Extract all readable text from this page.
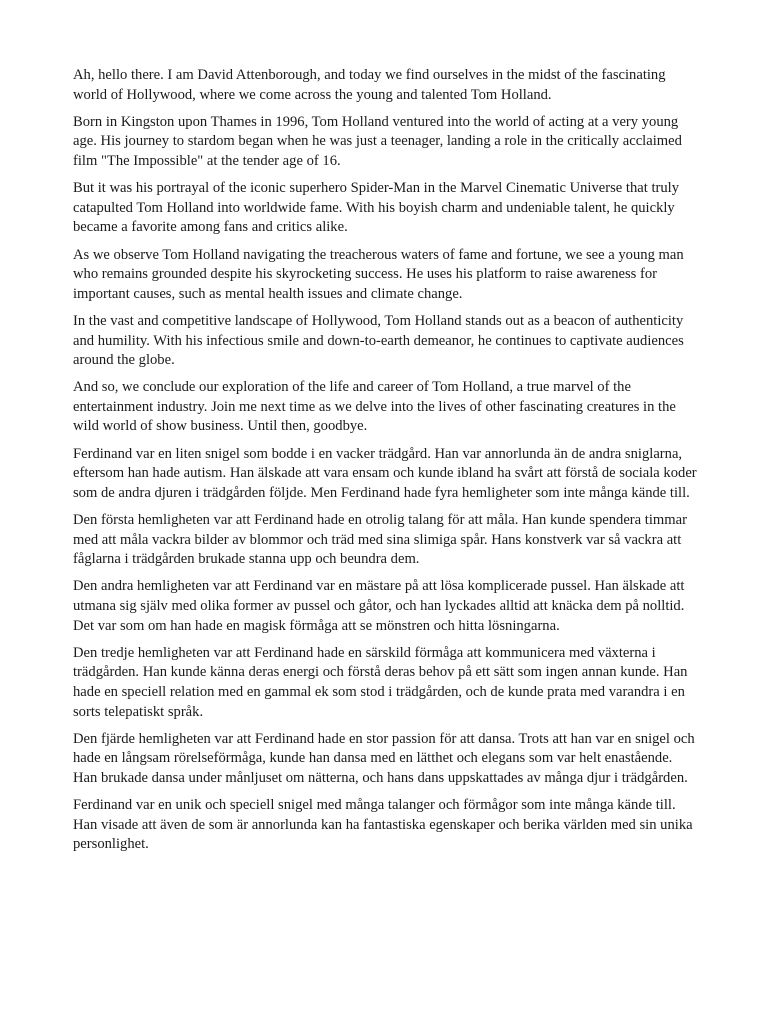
Ah, hello there. I am David Attenborough, and today we find ourselves in the midst of the fascinating world of Hollywood, where we come across the young and talented Tom Holland.

Born in Kingston upon Thames in 1996, Tom Holland ventured into the world of acting at a very young age. His journey to stardom began when he was just a teenager, landing a role in the critically acclaimed film "The Impossible" at the tender age of 16.

But it was his portrayal of the iconic superhero Spider-Man in the Marvel Cinematic Universe that truly catapulted Tom Holland into worldwide fame. With his boyish charm and undeniable talent, he quickly became a favorite among fans and critics alike.

As we observe Tom Holland navigating the treacherous waters of fame and fortune, we see a young man who remains grounded despite his skyrocketing success. He uses his platform to raise awareness for important causes, such as mental health issues and climate change.

In the vast and competitive landscape of Hollywood, Tom Holland stands out as a beacon of authenticity and humility. With his infectious smile and down-to-earth demeanor, he continues to captivate audiences around the globe.

And so, we conclude our exploration of the life and career of Tom Holland, a true marvel of the entertainment industry. Join me next time as we delve into the lives of other fascinating creatures in the wild world of show business. Until then, goodbye.

Ferdinand var en liten snigel som bodde i en vacker trädgård. Han var annorlunda än de andra sniglarna, eftersom han hade autism. Han älskade att vara ensam och kunde ibland ha svårt att förstå de sociala koder som de andra djuren i trädgården följde. Men Ferdinand hade fyra hemligheter som inte många kände till.

Den första hemligheten var att Ferdinand hade en otrolig talang för att måla. Han kunde spendera timmar med att måla vackra bilder av blommor och träd med sina slimiga spår. Hans konstverk var så vackra att fåglarna i trädgården brukade stanna upp och beundra dem.

Den andra hemligheten var att Ferdinand var en mästare på att lösa komplicerade pussel. Han älskade att utmana sig själv med olika former av pussel och gåtor, och han lyckades alltid att knäcka dem på nolltid. Det var som om han hade en magisk förmåga att se mönstren och hitta lösningarna.

Den tredje hemligheten var att Ferdinand hade en särskild förmåga att kommunicera med växterna i trädgården. Han kunde känna deras energi och förstå deras behov på ett sätt som ingen annan kunde. Han hade en speciell relation med en gammal ek som stod i trädgården, och de kunde prata med varandra i en sorts telepatiskt språk.

Den fjärde hemligheten var att Ferdinand hade en stor passion för att dansa. Trots att han var en snigel och hade en långsam rörelseförmåga, kunde han dansa med en lätthet och elegans som var helt enastående. Han brukade dansa under månljuset om nätterna, och hans dans uppskattades av många djur i trädgården.

Ferdinand var en unik och speciell snigel med många talanger och förmågor som inte många kände till. Han visade att även de som är annorlunda kan ha fantastiska egenskaper och berika världen med sin unika personlighet.
